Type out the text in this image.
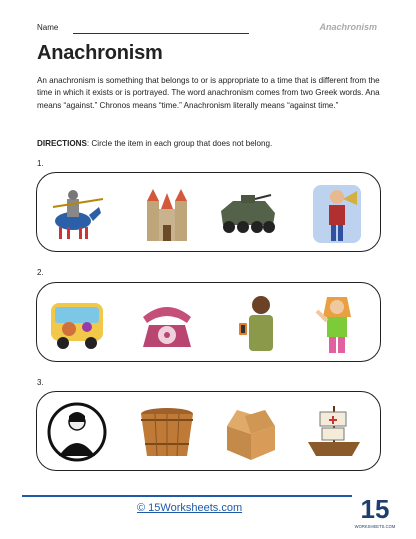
Name	Anachronism
Anachronism
An anachronism is something that belongs to or is appropriate to a time that is different from the time in which it exists or is portrayed. The word anachronism comes from two Greek words. Ana means “against.” Chronos means “time.” Anachronism literally means “against time.”
DIRECTIONS: Circle the item in each group that does not belong.
1.
2.
3.
© 15Worksheets.com	15
WORKSHEETS.COM
